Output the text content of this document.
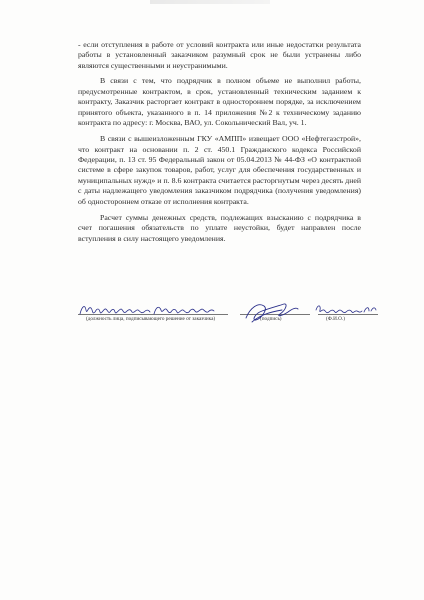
- если отступления в работе от условий контракта или иные недостатки результата работы в установленный заказчиком разумный срок не были устранены либо являются существенными и неустранимыми.

В связи с тем, что подрядчик в полном объеме не выполнил работы, предусмотренные контрактом, в срок, установленный техническим заданием к контракту, Заказчик расторгает контракт в одностороннем порядке, за исключением принятого объекта, указанного в п. 14 приложения №2 к техническому заданию контракта по адресу: г. Москва, ВАО, ул. Сокольнический Вал, уч. 1.

В связи с вышеизложенным ГКУ «АМПП» извещает ООО «Нефтегазстрой», что контракт на основании п. 2 ст. 450.1 Гражданского кодекса Российской Федерации, п. 13 ст. 95 Федеральный закон от 05.04.2013 № 44-ФЗ «О контрактной системе в сфере закупок товаров, работ, услуг для обеспечения государственных и муниципальных нужд» и п. 8.6 контракта считается расторгнутым через десять дней с даты надлежащего уведомления заказчиком подрядчика (получения уведомления) об одностороннем отказе от исполнения контракта.

Расчет суммы денежных средств, подлежащих взысканию с подрядчика в счет погашения обязательств по уплате неустойки, будет направлен после вступления в силу настоящего уведомления.

(должность лица, подписывающего решение от заказчика)	(подпись)	(Ф.И.О.)
